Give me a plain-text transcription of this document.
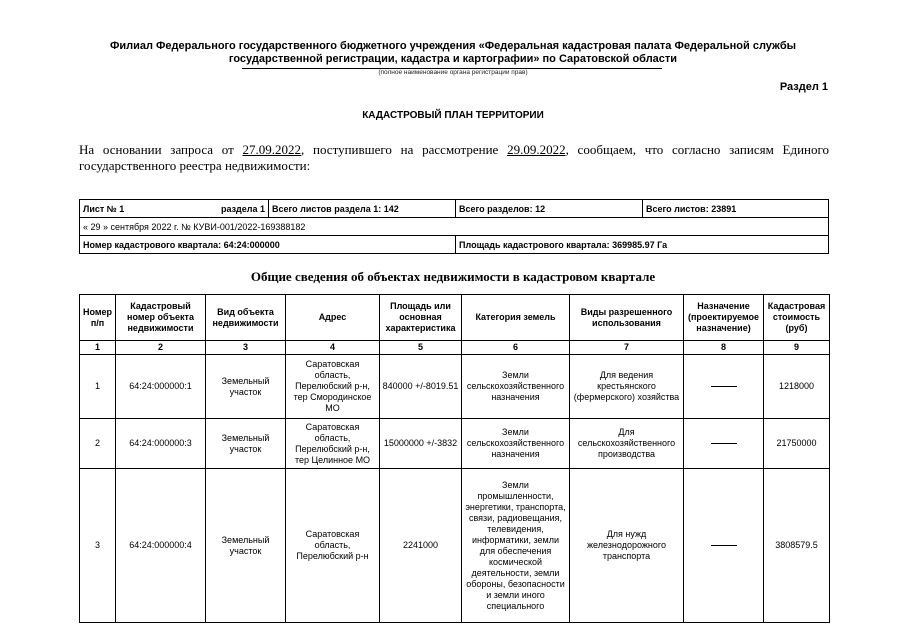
Филиал Федерального государственного бюджетного учреждения «Федеральная кадастровая палата Федеральной службы
государственной регистрации, кадастра и картографии» по Саратовской области
(полное наименование органа регистрации прав)
Раздел 1
КАДАСТРОВЫЙ ПЛАН ТЕРРИТОРИИ
На основании запроса от 27.09.2022, поступившего на рассмотрение 29.09.2022, сообщаем, что согласно записям Единого государственного реестра недвижимости:
Лист № 1 раздела 1	Всего листов раздела 1: 142	Всего разделов: 12	Всего листов: 23891
« 29 » сентября 2022 г. № КУВИ-001/2022-169388182			
Номер кадастрового квартала: 64:24:000000		Площадь кадастрового квартала: 369985.97 Га	
Общие сведения об объектах недвижимости в кадастровом квартале
Номер п/п	Кадастровый номер объекта недвижимости	Вид объекта недвижимости	Адрес	Площадь или основная характеристика	Категория земель	Виды разрешенного использования	Назначение (проектируемое назначение)	Кадастровая стоимость (руб)
1	2	3	4	5	6	7	8	9
1	64:24:000000:1	Земельный участок	Саратовская область, Перелюбский р-н, тер Смородинское МО	840000 +/-8019.51	Земли сельскохозяйственного назначения	Для ведения крестьянского (фермерского) хозяйства		1218000
2	64:24:000000:3	Земельный участок	Саратовская область, Перелюбский р-н, тер Целинное МО	15000000 +/-3832	Земли сельскохозяйственного назначения	Для сельскохозяйственного производства		21750000
3	64:24:000000:4	Земельный участок	Саратовская область, Перелюбский р-н	2241000	Земли промышленности, энергетики, транспорта, связи, радиовещания, телевидения, информатики, земли для обеспечения космической деятельности, земли обороны, безопасности и земли иного специального	Для нужд железнодорожного транспорта		3808579.5
